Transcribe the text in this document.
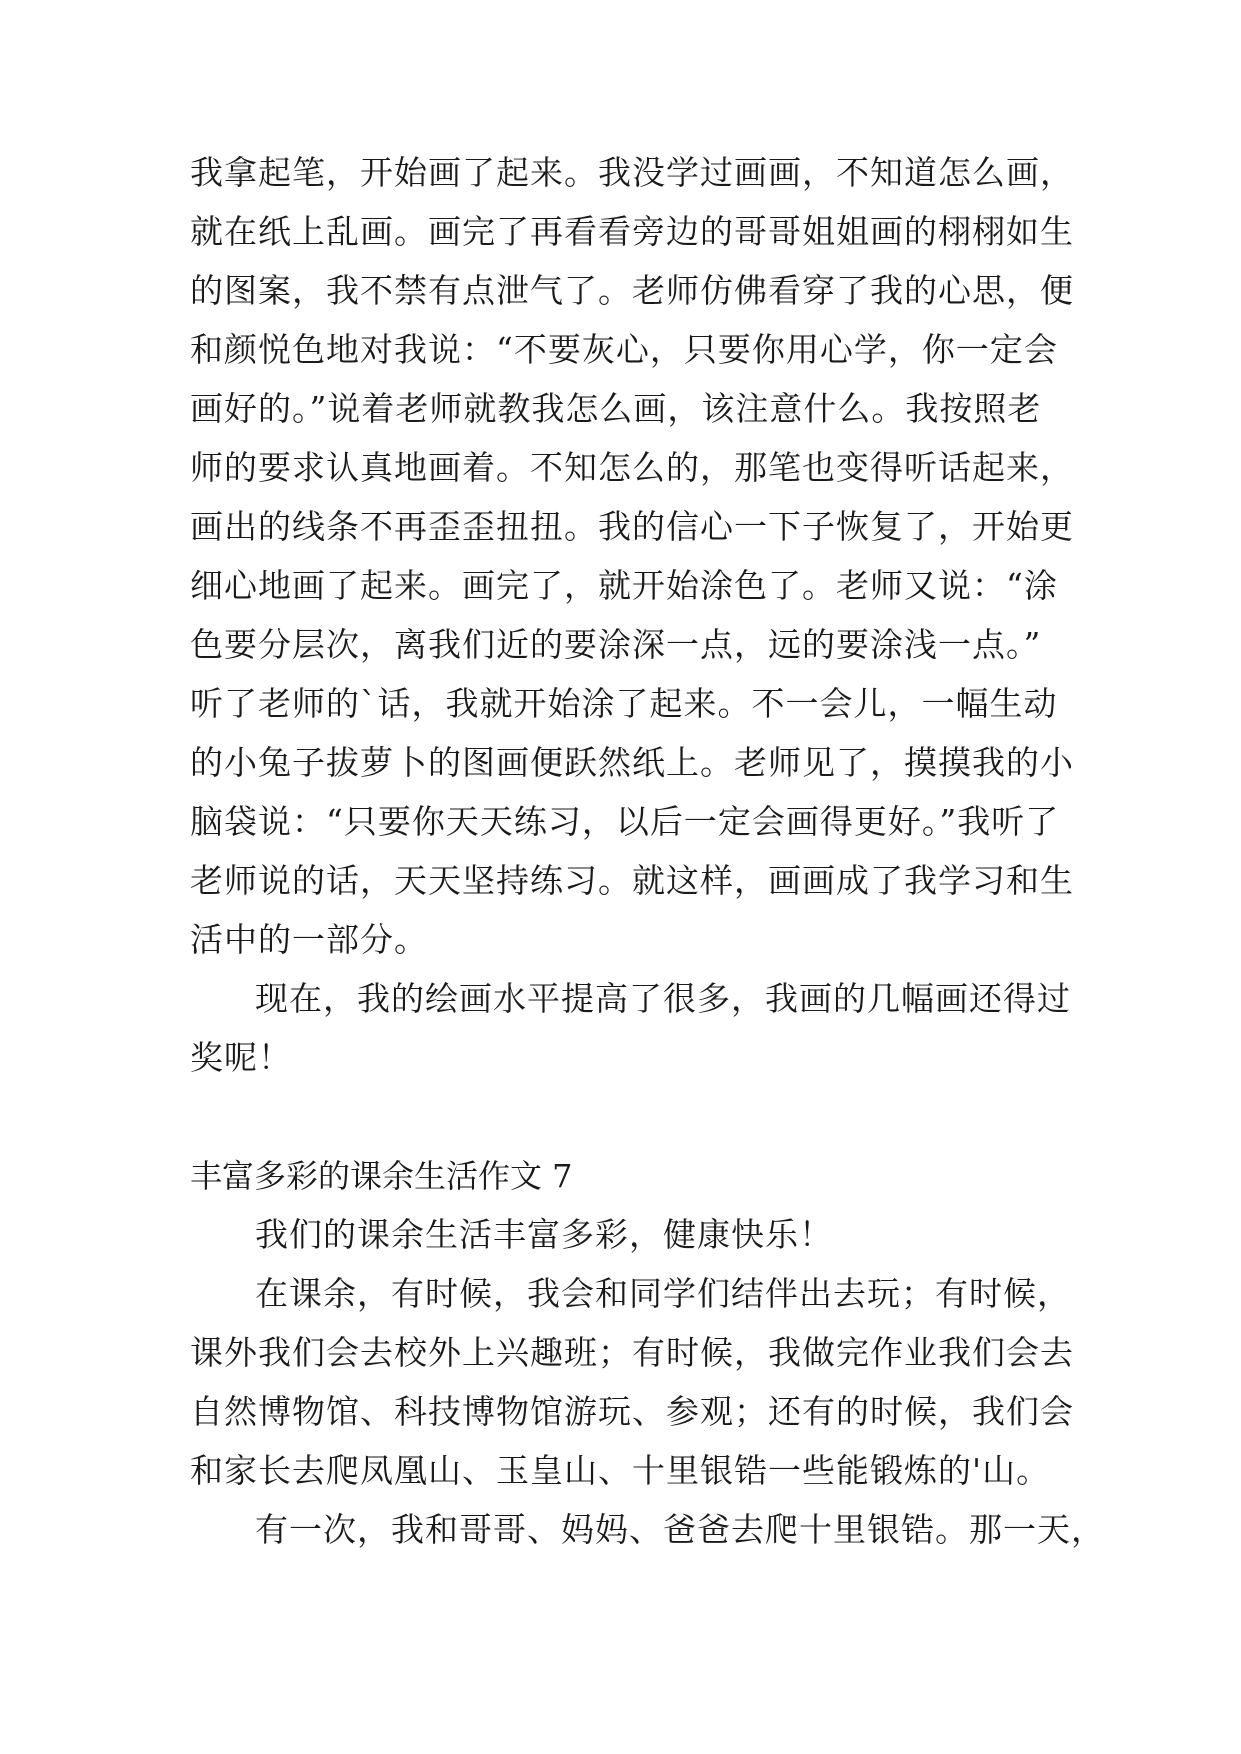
我拿起笔，开始画了起来。我没学过画画，不知道怎么画，
就在纸上乱画。画完了再看看旁边的哥哥姐姐画的栩栩如生
的图案，我不禁有点泄气了。老师仿佛看穿了我的心思，便
和颜悦色地对我说：“不要灰心，只要你用心学，你一定会
画好的。”说着老师就教我怎么画，该注意什么。我按照老
师的要求认真地画着。不知怎么的，那笔也变得听话起来，
画出的线条不再歪歪扭扭。我的信心一下子恢复了，开始更
细心地画了起来。画完了，就开始涂色了。老师又说：“涂
色要分层次，离我们近的要涂深一点，远的要涂浅一点。”
听了老师的`话，我就开始涂了起来。不一会儿，一幅生动
的小兔子拔萝卜的图画便跃然纸上。老师见了，摸摸我的小
脑袋说：“只要你天天练习，以后一定会画得更好。”我听了
老师说的话，天天坚持练习。就这样，画画成了我学习和生
活中的一部分。
现在，我的绘画水平提高了很多，我画的几幅画还得过
奖呢！
丰富多彩的课余生活作文 7
我们的课余生活丰富多彩，健康快乐！
在课余，有时候，我会和同学们结伴出去玩；有时候，
课外我们会去校外上兴趣班；有时候，我做完作业我们会去
自然博物馆、科技博物馆游玩、参观；还有的时候，我们会
和家长去爬凤凰山、玉皇山、十里银锆一些能锻炼的'山。
有一次，我和哥哥、妈妈、爸爸去爬十里银锆。那一天，
